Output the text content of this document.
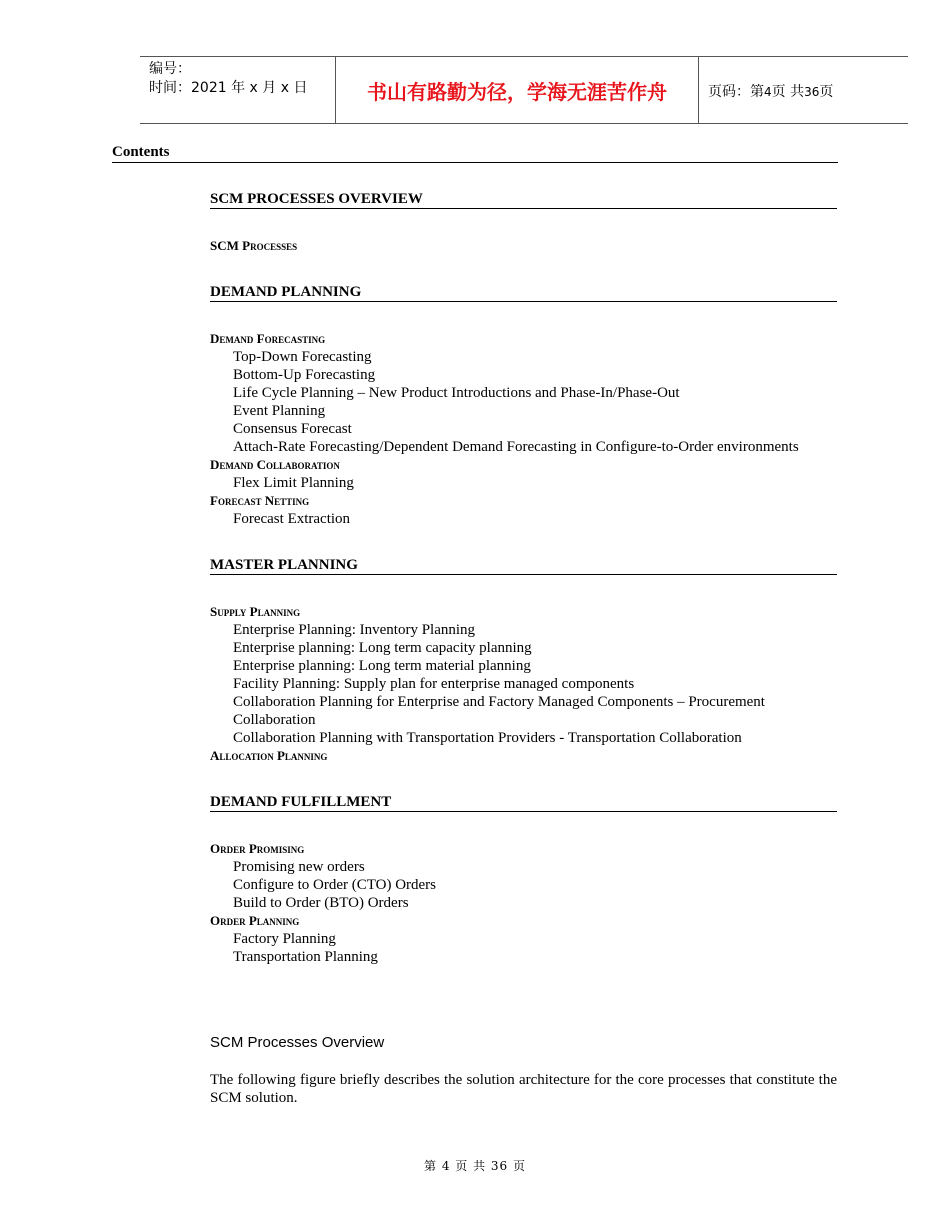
编号：
时间：2021 年 x 月 x 日	书山有路勤为径，学海无涯苦作舟	页码：第4页 共36页
Contents
SCM PROCESSES OVERVIEW
SCM Processes
DEMAND PLANNING
Demand Forecasting
Top-Down Forecasting
Bottom-Up Forecasting
Life Cycle Planning – New Product Introductions and Phase-In/Phase-Out
Event Planning
Consensus Forecast
Attach-Rate Forecasting/Dependent Demand Forecasting in Configure-to-Order environments
Demand Collaboration
Flex Limit Planning
Forecast Netting
Forecast Extraction
MASTER PLANNING
Supply Planning
Enterprise Planning: Inventory Planning
Enterprise planning: Long term capacity planning
Enterprise planning: Long term material planning
Facility Planning: Supply plan for enterprise managed components
Collaboration Planning for Enterprise and Factory Managed Components – Procurement Collaboration
Collaboration Planning with Transportation Providers - Transportation Collaboration
Allocation Planning
DEMAND FULFILLMENT
Order Promising
Promising new orders
Configure to Order (CTO) Orders
Build to Order (BTO) Orders
Order Planning
Factory Planning
Transportation Planning
SCM Processes Overview
The following figure briefly describes the solution architecture for the core processes that constitute the SCM solution.
第 4 页 共 36 页
